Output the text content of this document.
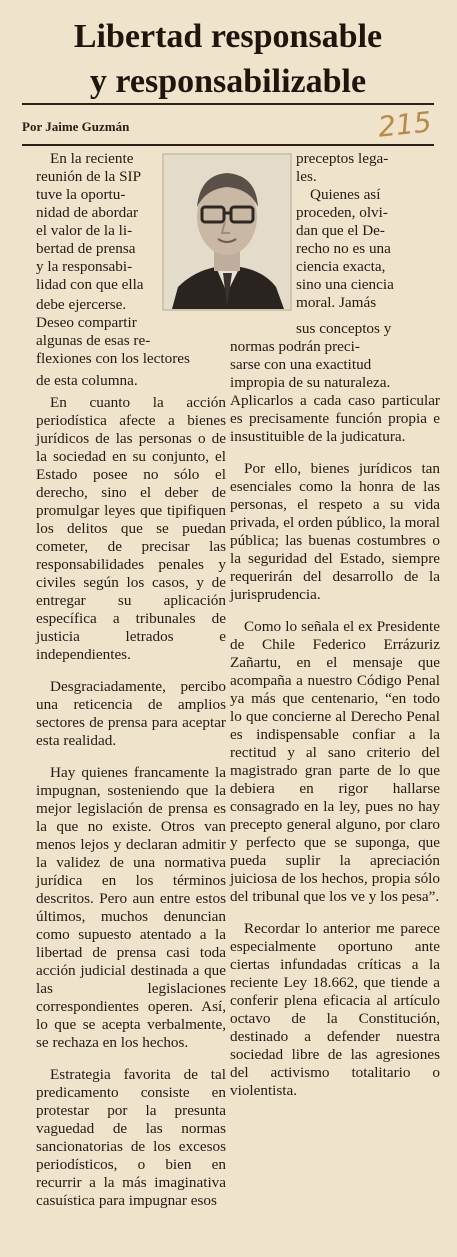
Libertad responsable
y responsabilizable
Por Jaime Guzmán	215
En la reciente
reunión de la SIP
tuve la oportu-
nidad de abordar
el valor de la li-
bertad de prensa
y la responsabi-
lidad con que ella
debe ejercerse.
Deseo compartir
algunas de esas re-
flexiones con los lectores
de esta columna.

En cuanto la acción periodística afecte a bienes jurídicos de las personas o de la sociedad en su conjunto, el Estado posee no sólo el derecho, sino el deber de promulgar leyes que tipifiquen los delitos que se puedan cometer, de precisar las responsabilidades penales y civiles según los casos, y de entregar su aplicación específica a tribunales de justicia letrados e independientes.

Desgraciadamente, percibo una reticencia de amplios sectores de prensa para aceptar esta realidad.

Hay quienes francamente la impugnan, sosteniendo que la mejor legislación de prensa es la que no existe. Otros van menos lejos y declaran admitir la validez de una normativa jurídica en los términos descritos. Pero aun entre estos últimos, muchos denuncian como supuesto atentado a la libertad de prensa casi toda acción judicial destinada a que las legislaciones correspondientes operen. Así, lo que se acepta verbalmente, se rechaza en los hechos.

Estrategia favorita de tal predicamento consiste en protestar por la presunta vaguedad de las normas sancionatorias de los excesos periodísticos, o bien en recurrir a la más imaginativa casuística para impugnar esos

preceptos lega-
les.
Quienes así
proceden, olvi-
dan que el De-
recho no es una
ciencia exacta,
sino una ciencia
moral. Jamás
sus conceptos y
normas podrán preci-
sarse con una exactitud
impropia de su naturaleza.

Aplicarlos a cada caso particular es precisamente función propia e insustituible de la judicatura.

Por ello, bienes jurídicos tan esenciales como la honra de las personas, el respeto a su vida privada, el orden público, la moral pública; las buenas costumbres o la seguridad del Estado, siempre requerirán del desarrollo de la jurisprudencia.

Como lo señala el ex Presidente de Chile Federico Errázuriz Zañartu, en el mensaje que acompaña a nuestro Código Penal ya más que centenario, “en todo lo que concierne al Derecho Penal es indispensable confiar a la rectitud y al sano criterio del magistrado gran parte de lo que debiera en rigor hallarse consagrado en la ley, pues no hay precepto general alguno, por claro y perfecto que se suponga, que pueda suplir la apreciación juiciosa de los hechos, propia sólo del tribunal que los ve y los pesa”.

Recordar lo anterior me parece especialmente oportuno ante ciertas infundadas críticas a la reciente Ley 18.662, que tiende a conferir plena eficacia al artículo octavo de la Constitución, destinado a defender nuestra sociedad libre de las agresiones del activismo totalitario o violentista.
